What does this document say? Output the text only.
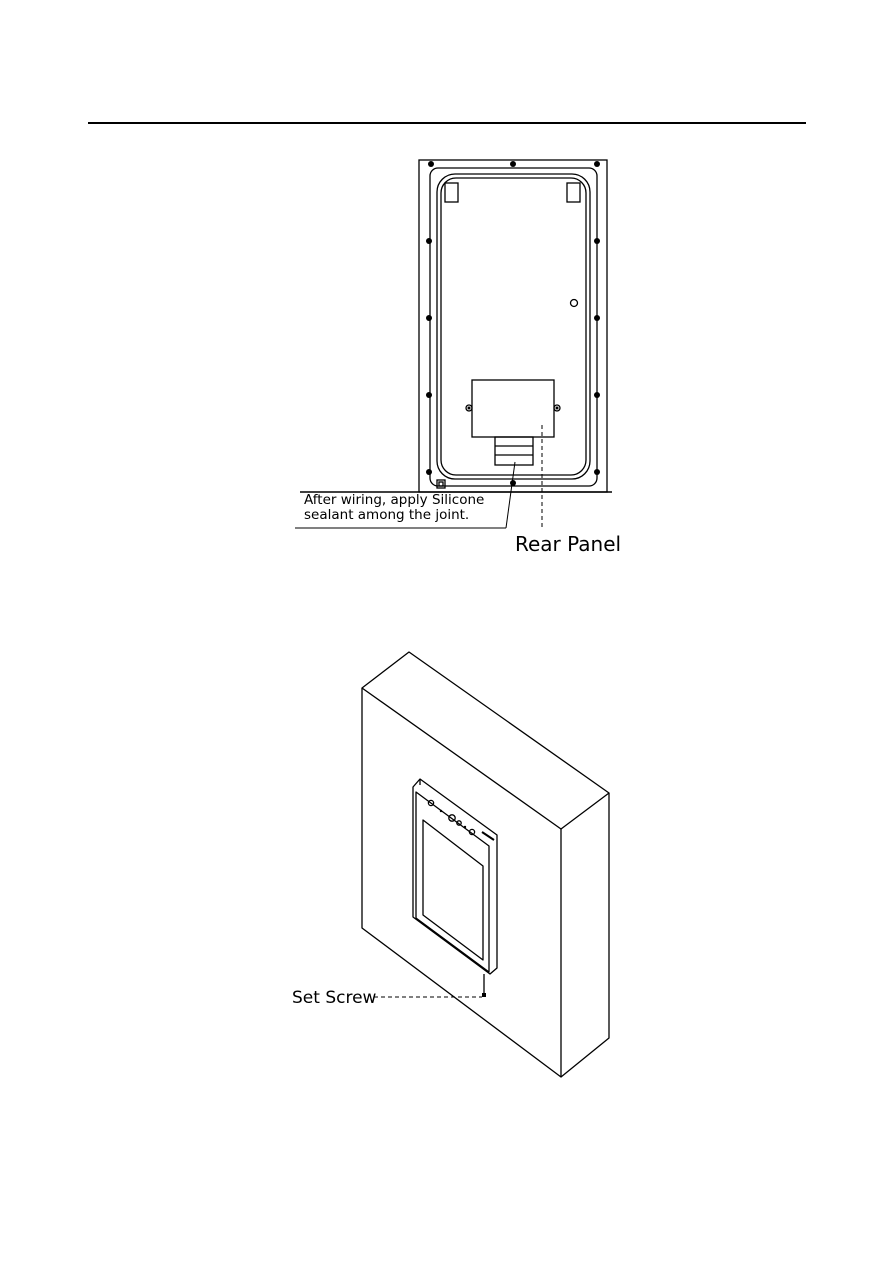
After wiring, apply Silicone
sealant among the joint.
Rear Panel
Set Screw
